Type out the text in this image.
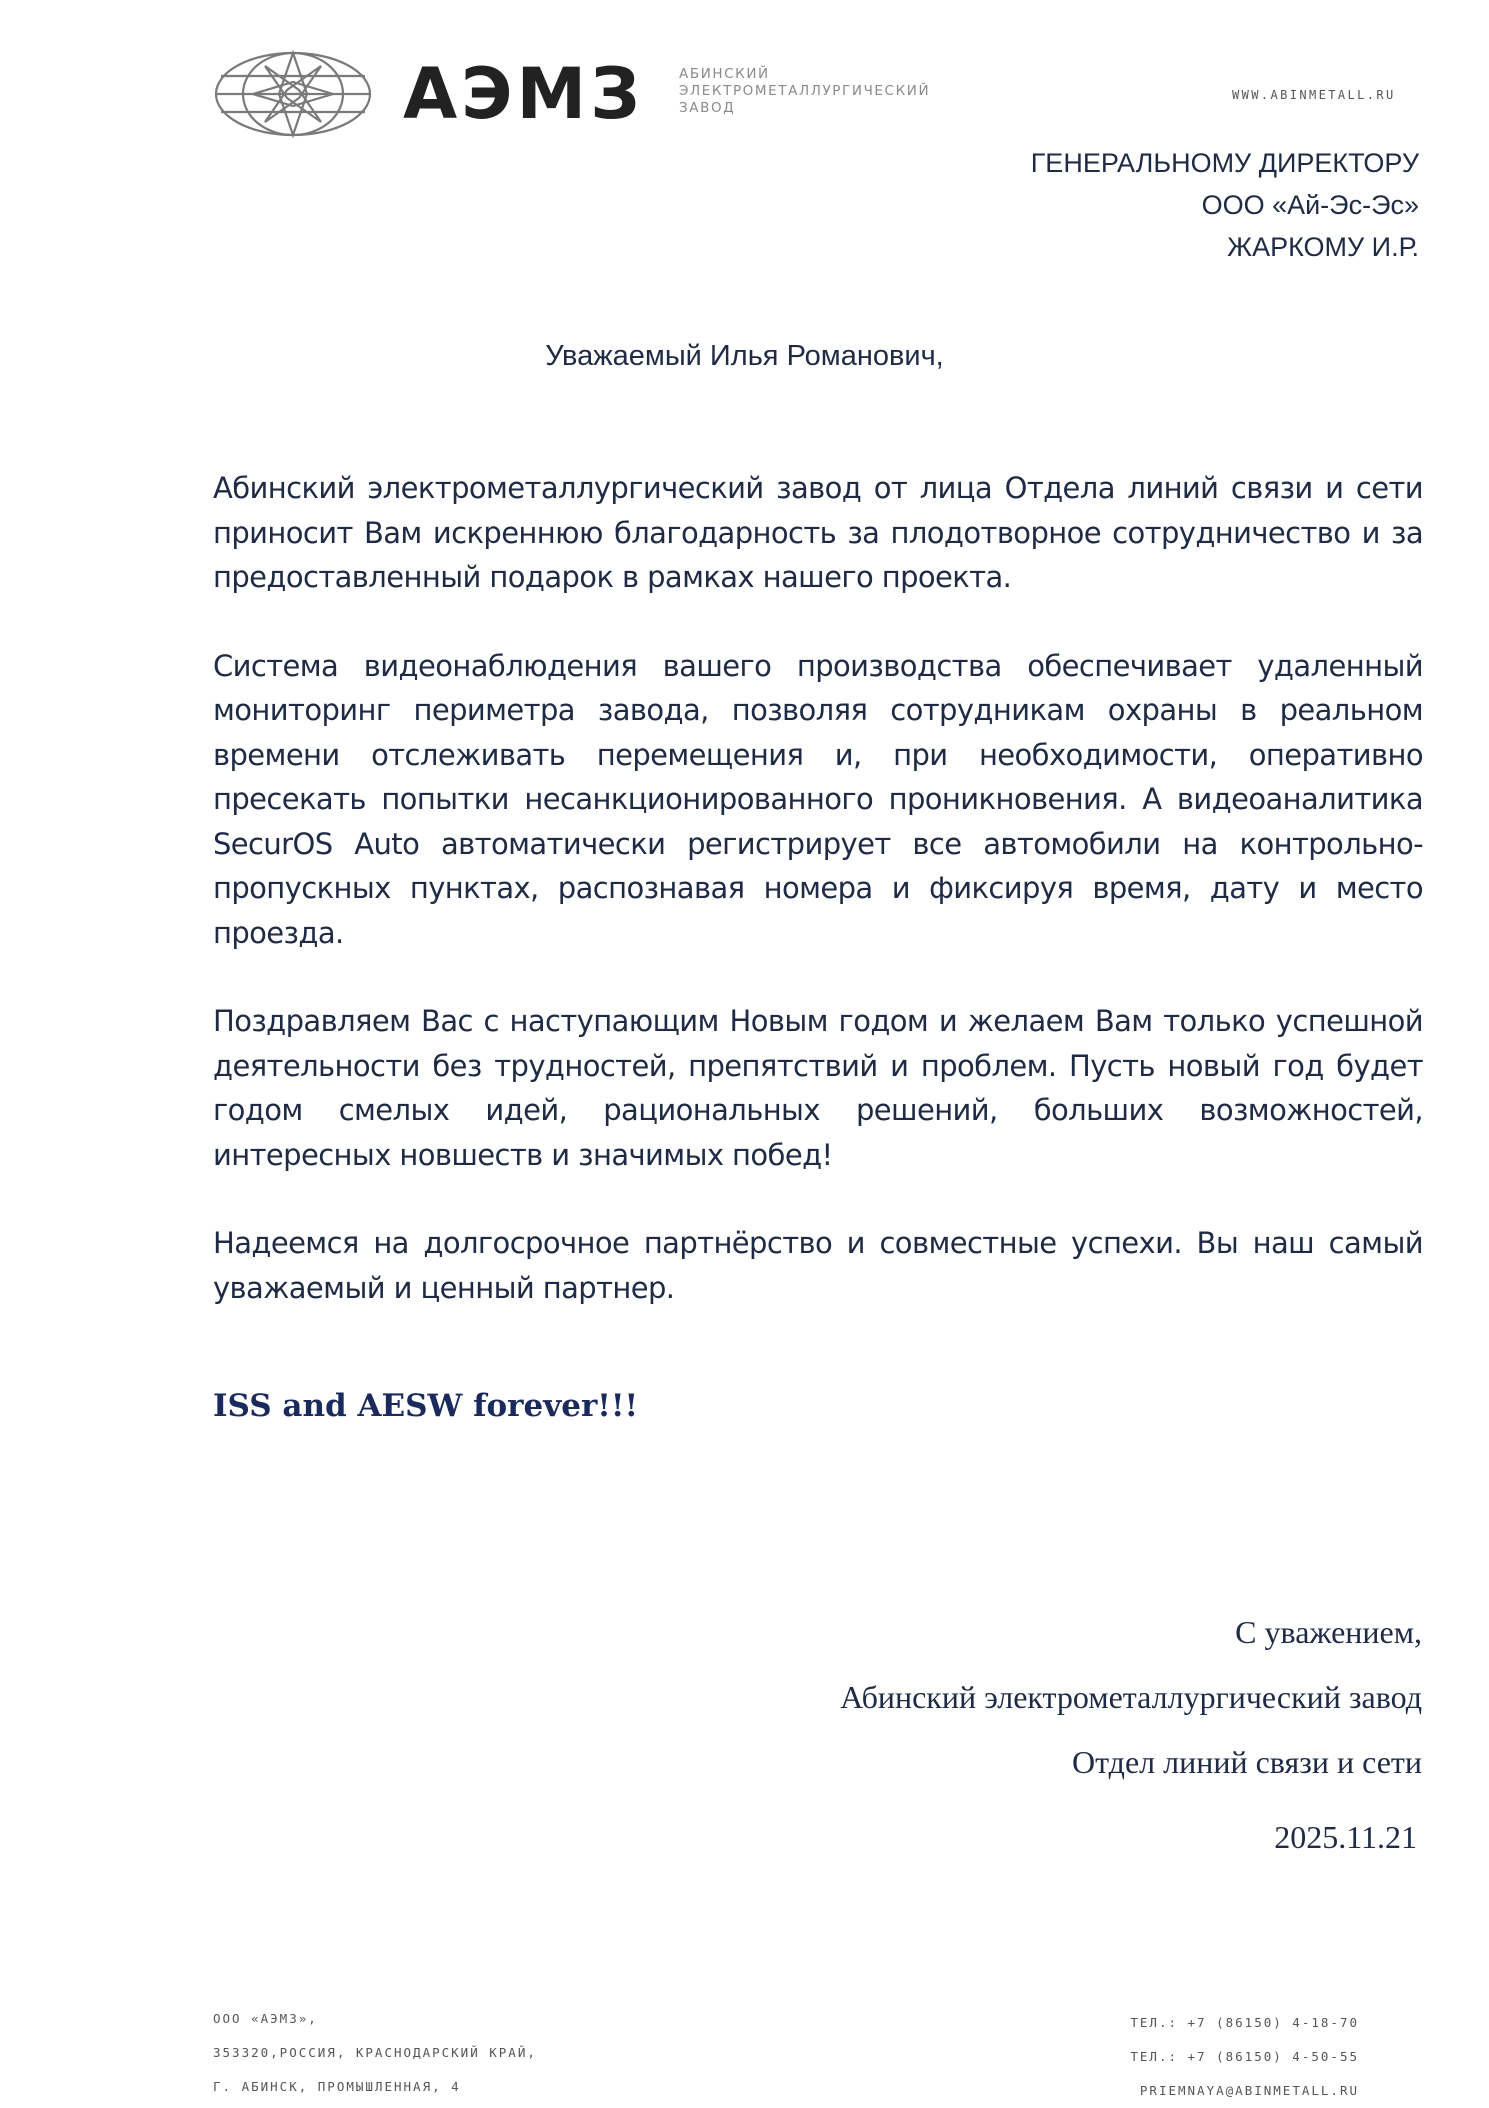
АЭМЗ	АБИНСКИЙ
ЭЛЕКТРОМЕТАЛЛУРГИЧЕСКИЙ
ЗАВОД
WWW.ABINMETALL.RU
ГЕНЕРАЛЬНОМУ ДИРЕКТОРУ
ООО «Ай-Эс-Эс»
ЖАРКОМУ И.Р.
Уважаемый Илья Романович,

Абинский электрометаллургический завод от лица Отдела линий связи и сети приносит Вам искреннюю благодарность за плодотворное сотрудничество и за предоставленный подарок в рамках нашего проекта.

Система видеонаблюдения вашего производства обеспечивает удаленный мониторинг периметра завода, позволяя сотрудникам охраны в реальном времени отслеживать перемещения и, при необходимости, оперативно пресекать попытки несанкционированного проникновения. А видеоаналитика SecurOS Auto автоматически регистрирует все автомобили на контрольно-пропускных пунктах, распознавая номера и фиксируя время, дату и место проезда.

Поздравляем Вас с наступающим Новым годом и желаем Вам только успешной деятельности без трудностей, препятствий и проблем. Пусть новый год будет годом смелых идей, рациональных решений, больших возможностей, интересных новшеств и значимых побед!

Надеемся на долгосрочное партнёрство и совместные успехи. Вы наш самый уважаемый и ценный партнер.

ISS and AESW forever!!!
С уважением,
Абинский электрометаллургический завод
Отдел линий связи и сети
2025.11.21
ООО «АЭМЗ»,
353320,РОССИЯ, КРАСНОДАРСКИЙ КРАЙ,
Г. АБИНСК, ПРОМЫШЛЕННАЯ, 4
ТЕЛ.: +7 (86150) 4-18-70
ТЕЛ.: +7 (86150) 4-50-55
PRIEMNAYA@ABINMETALL.RU
